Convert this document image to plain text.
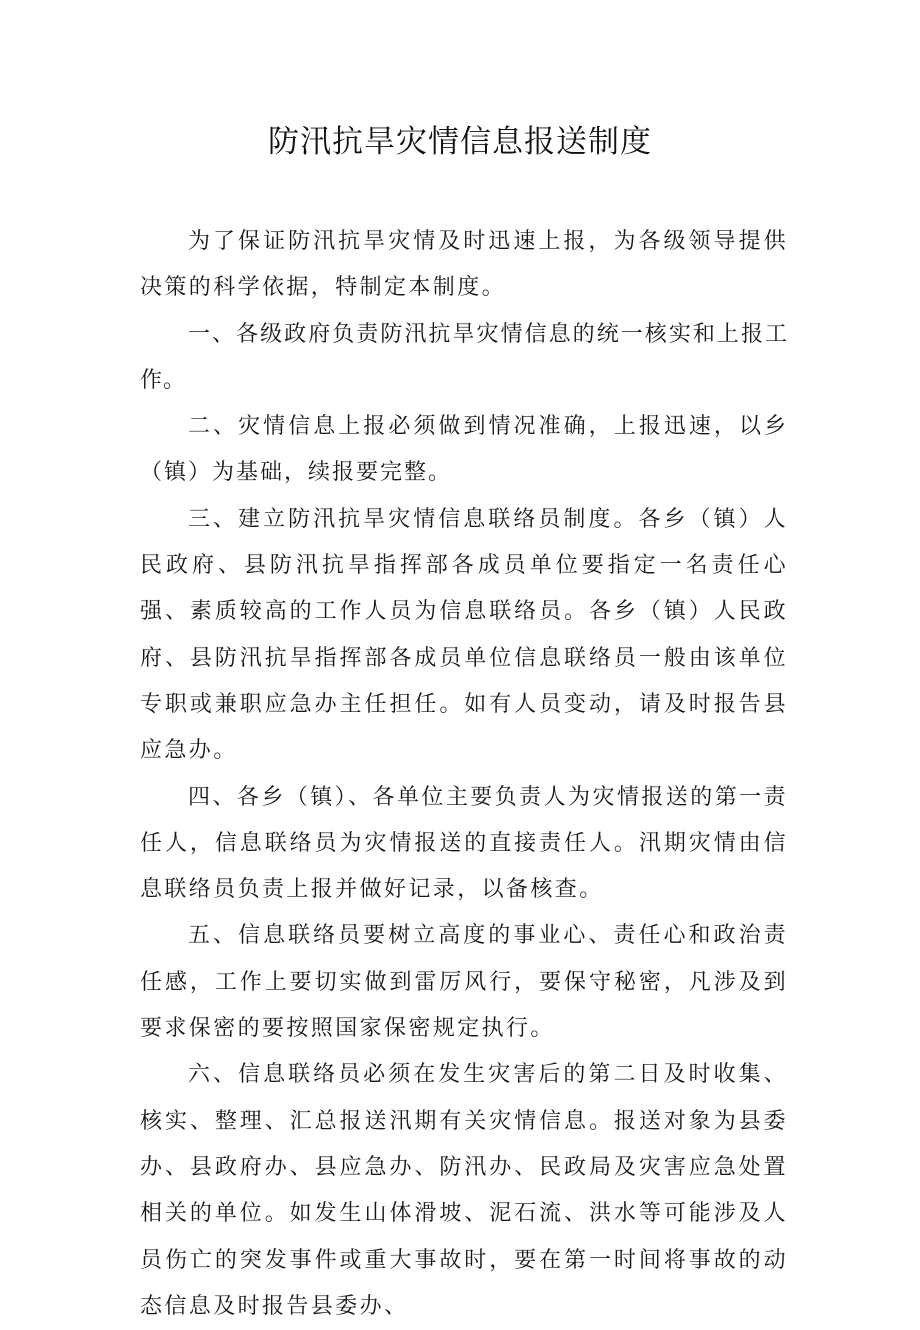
防汛抗旱灾情信息报送制度

为了保证防汛抗旱灾情及时迅速上报，为各级领导提供决策的科学依据，特制定本制度。

一、各级政府负责防汛抗旱灾情信息的统一核实和上报工作。

二、灾情信息上报必须做到情况准确，上报迅速，以乡（镇）为基础，续报要完整。

三、建立防汛抗旱灾情信息联络员制度。各乡（镇）人民政府、县防汛抗旱指挥部各成员单位要指定一名责任心强、素质较高的工作人员为信息联络员。各乡（镇）人民政府、县防汛抗旱指挥部各成员单位信息联络员一般由该单位专职或兼职应急办主任担任。如有人员变动，请及时报告县应急办。

四、各乡（镇）、各单位主要负责人为灾情报送的第一责任人，信息联络员为灾情报送的直接责任人。汛期灾情由信息联络员负责上报并做好记录，以备核查。

五、信息联络员要树立高度的事业心、责任心和政治责任感，工作上要切实做到雷厉风行，要保守秘密，凡涉及到要求保密的要按照国家保密规定执行。

六、信息联络员必须在发生灾害后的第二日及时收集、核实、整理、汇总报送汛期有关灾情信息。报送对象为县委办、县政府办、县应急办、防汛办、民政局及灾害应急处置相关的单位。如发生山体滑坡、泥石流、洪水等可能涉及人员伤亡的突发事件或重大事故时，要在第一时间将事故的动态信息及时报告县委办、
